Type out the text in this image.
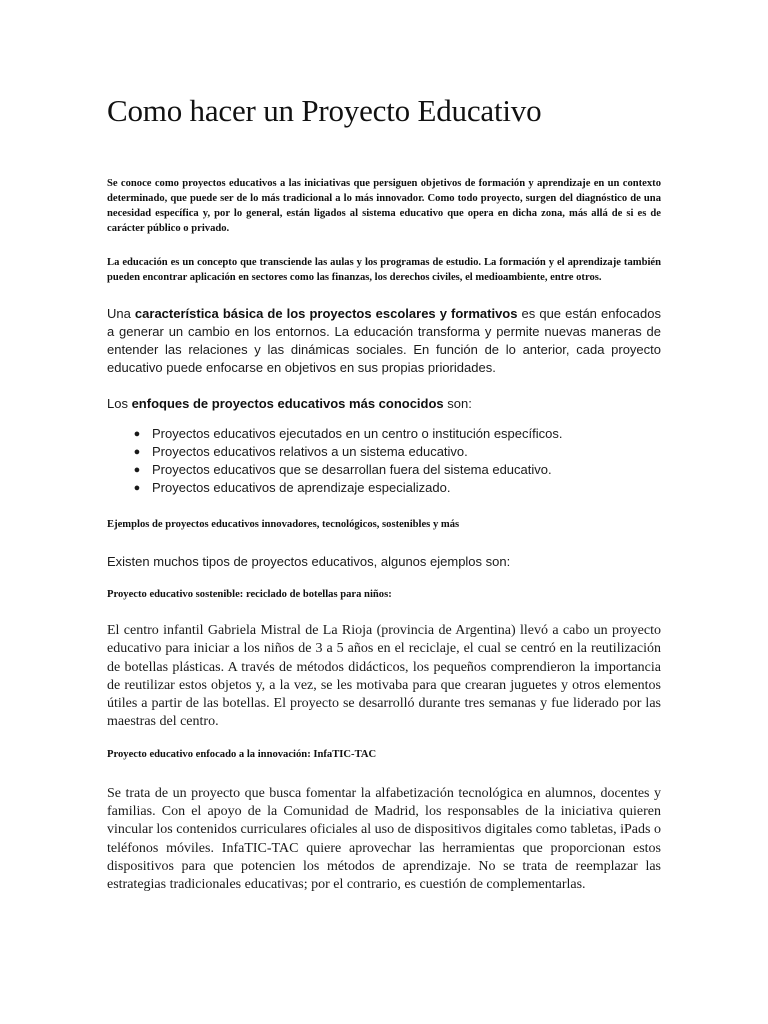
Como hacer un Proyecto Educativo

Se conoce como proyectos educativos a las iniciativas que persiguen objetivos de formación y aprendizaje en un contexto determinado, que puede ser de lo más tradicional a lo más innovador. Como todo proyecto, surgen del diagnóstico de una necesidad específica y, por lo general, están ligados al sistema educativo que opera en dicha zona, más allá de si es de carácter público o privado.

La educación es un concepto que transciende las aulas y los programas de estudio. La formación y el aprendizaje también pueden encontrar aplicación en sectores como las finanzas, los derechos civiles, el medioambiente, entre otros.

Una característica básica de los proyectos escolares y formativos es que están enfocados a generar un cambio en los entornos. La educación transforma y permite nuevas maneras de entender las relaciones y las dinámicas sociales. En función de lo anterior, cada proyecto educativo puede enfocarse en objetivos en sus propias prioridades.

Los enfoques de proyectos educativos más conocidos son:

● Proyectos educativos ejecutados en un centro o institución específicos.
● Proyectos educativos relativos a un sistema educativo.
● Proyectos educativos que se desarrollan fuera del sistema educativo.
● Proyectos educativos de aprendizaje especializado.

Ejemplos de proyectos educativos innovadores, tecnológicos, sostenibles y más

Existen muchos tipos de proyectos educativos, algunos ejemplos son:

Proyecto educativo sostenible: reciclado de botellas para niños:

El centro infantil Gabriela Mistral de La Rioja (provincia de Argentina) llevó a cabo un proyecto educativo para iniciar a los niños de 3 a 5 años en el reciclaje, el cual se centró en la reutilización de botellas plásticas. A través de métodos didácticos, los pequeños comprendieron la importancia de reutilizar estos objetos y, a la vez, se les motivaba para que crearan juguetes y otros elementos útiles a partir de las botellas. El proyecto se desarrolló durante tres semanas y fue liderado por las maestras del centro.

Proyecto educativo enfocado a la innovación: InfaTIC-TAC

Se trata de un proyecto que busca fomentar la alfabetización tecnológica en alumnos, docentes y familias. Con el apoyo de la Comunidad de Madrid, los responsables de la iniciativa quieren vincular los contenidos curriculares oficiales al uso de dispositivos digitales como tabletas, iPads o teléfonos móviles. InfaTIC-TAC quiere aprovechar las herramientas que proporcionan estos dispositivos para que potencien los métodos de aprendizaje. No se trata de reemplazar las estrategias tradicionales educativas; por el contrario, es cuestión de complementarlas.
